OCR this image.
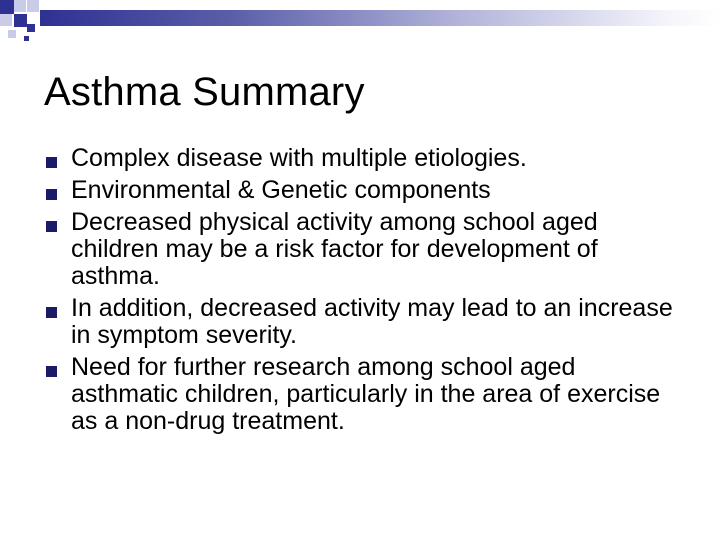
Asthma Summary
Complex disease with multiple etiologies.
Environmental & Genetic components
Decreased physical activity among school aged children may be a risk factor for development of asthma.
In addition, decreased activity may lead to an increase in symptom severity.
Need for further research among school aged asthmatic children, particularly in the area of exercise as a non-drug treatment.
